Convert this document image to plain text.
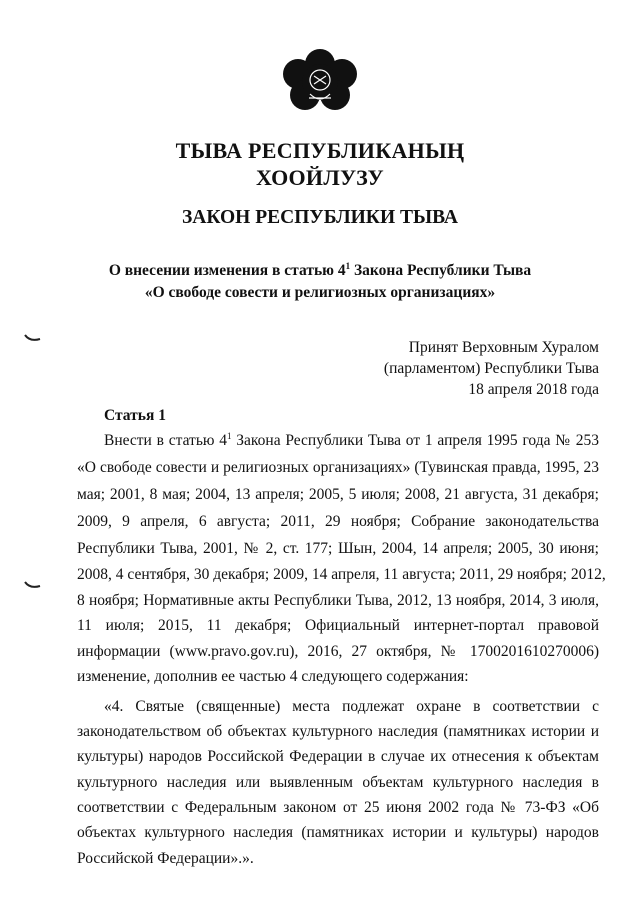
ТЫВА РЕСПУБЛИКАНЫҢ
ХООЙЛУЗУ
ЗАКОН РЕСПУБЛИКИ ТЫВА
О внесении изменения в статью $4^1$ Закона Республики Тыва
«О свободе совести и религиозных организациях»
Принят Верховным Хуралом
(парламентом) Республики Тыва
18 апреля 2018 года
Статья 1
Внести в статью $4^1$ Закона Республики Тыва от 1 апреля 1995 года № 253
«О свободе совести и религиозных организациях» (Тувинская правда, 1995, 23
мая; 2001, 8 мая; 2004, 13 апреля; 2005, 5 июля; 2008, 21 августа, 31 декабря;
2009, 9 апреля, 6 августа; 2011, 29 ноября; Собрание законодательства
Республики Тыва, 2001, № 2, ст. 177; Шын, 2004, 14 апреля; 2005, 30 июня;
2008, 4 сентября, 30 декабря; 2009, 14 апреля, 11 августа; 2011, 29 ноября; 2012,
8 ноября; Нормативные акты Республики Тыва, 2012, 13 ноября, 2014, 3 июля,
11 июля; 2015, 11 декабря; Официальный интернет-портал правовой
информации (www.pravo.gov.ru), 2016, 27 октября, № 1700201610270006)
изменение, дополнив ее частью 4 следующего содержания:
«4. Святые (священные) места подлежат охране в соответствии с
законодательством об объектах культурного наследия (памятниках истории и
культуры) народов Российской Федерации в случае их отнесения к объектам
культурного наследия или выявленным объектам культурного наследия в
соответствии с Федеральным законом от 25 июня 2002 года № 73-ФЗ «Об
объектах культурного наследия (памятниках истории и культуры) народов
Российской Федерации».».
